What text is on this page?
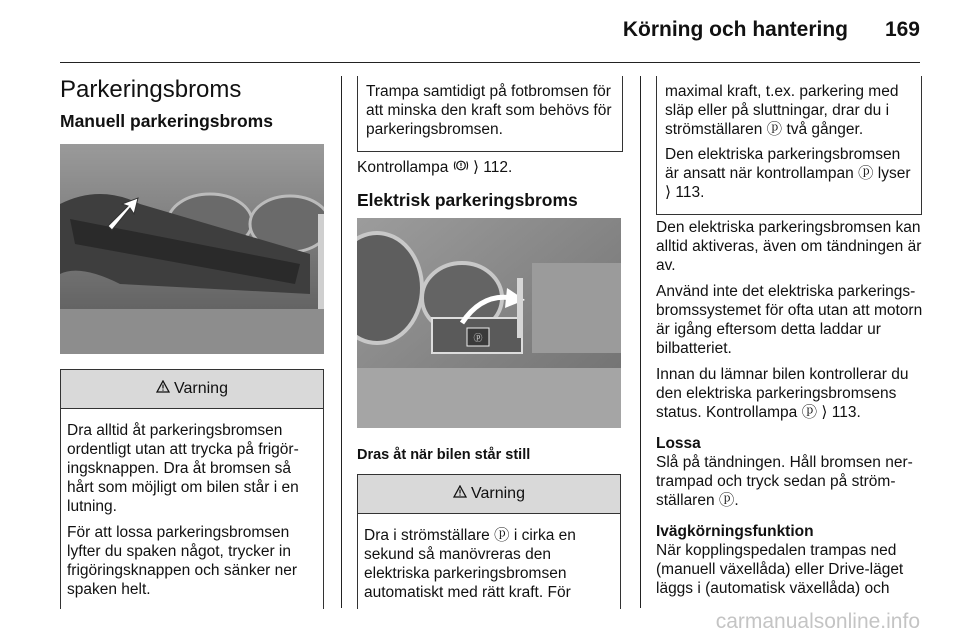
Körning och hantering 169
Parkeringsbroms
Manuell parkeringsbroms
Varning

Dra alltid åt parkeringsbromsen ordentligt utan att trycka på frigöringsknappen. Dra åt bromsen så hårt som möjligt om bilen står i en lutning.

För att lossa parkeringsbromsen lyfter du spaken något, trycker in frigöringsknappen och sänker ner spaken helt.

Trampa samtidigt på fotbromsen för att minska den kraft som behövs för parkeringsbromsen.

Kontrollampa  ⟩ 112.

Elektrisk parkeringsbroms
ⓟ

Dras åt när bilen står still

Varning

Dra i strömställare ⓟ i cirka en sekund så manövreras den elektriska parkeringsbromsen automatiskt med rätt kraft. För

maximal kraft, t.ex. parkering med släp eller på sluttningar, drar du i strömställaren ⓟ två gånger.

Den elektriska parkeringsbromsen är ansatt när kontrollampan ⓟ lyser ⟩ 113.

Den elektriska parkeringsbromsen kan alltid aktiveras, även om tändningen är av.

Använd inte det elektriska parkeringsbromssystemet för ofta utan att motorn är igång eftersom detta laddar ur bilbatteriet.

Innan du lämnar bilen kontrollerar du den elektriska parkeringsbromsens status. Kontrollampa ⓟ ⟩ 113.

Lossa

Slå på tändningen. Håll bromsen nertrampad och tryck sedan på strömställaren ⓟ.

Ivägkörningsfunktion

När kopplingspedalen trampas ned (manuell växellåda) eller Drive-läget läggs i (automatisk växellåda) och

carmanualsonline.info
